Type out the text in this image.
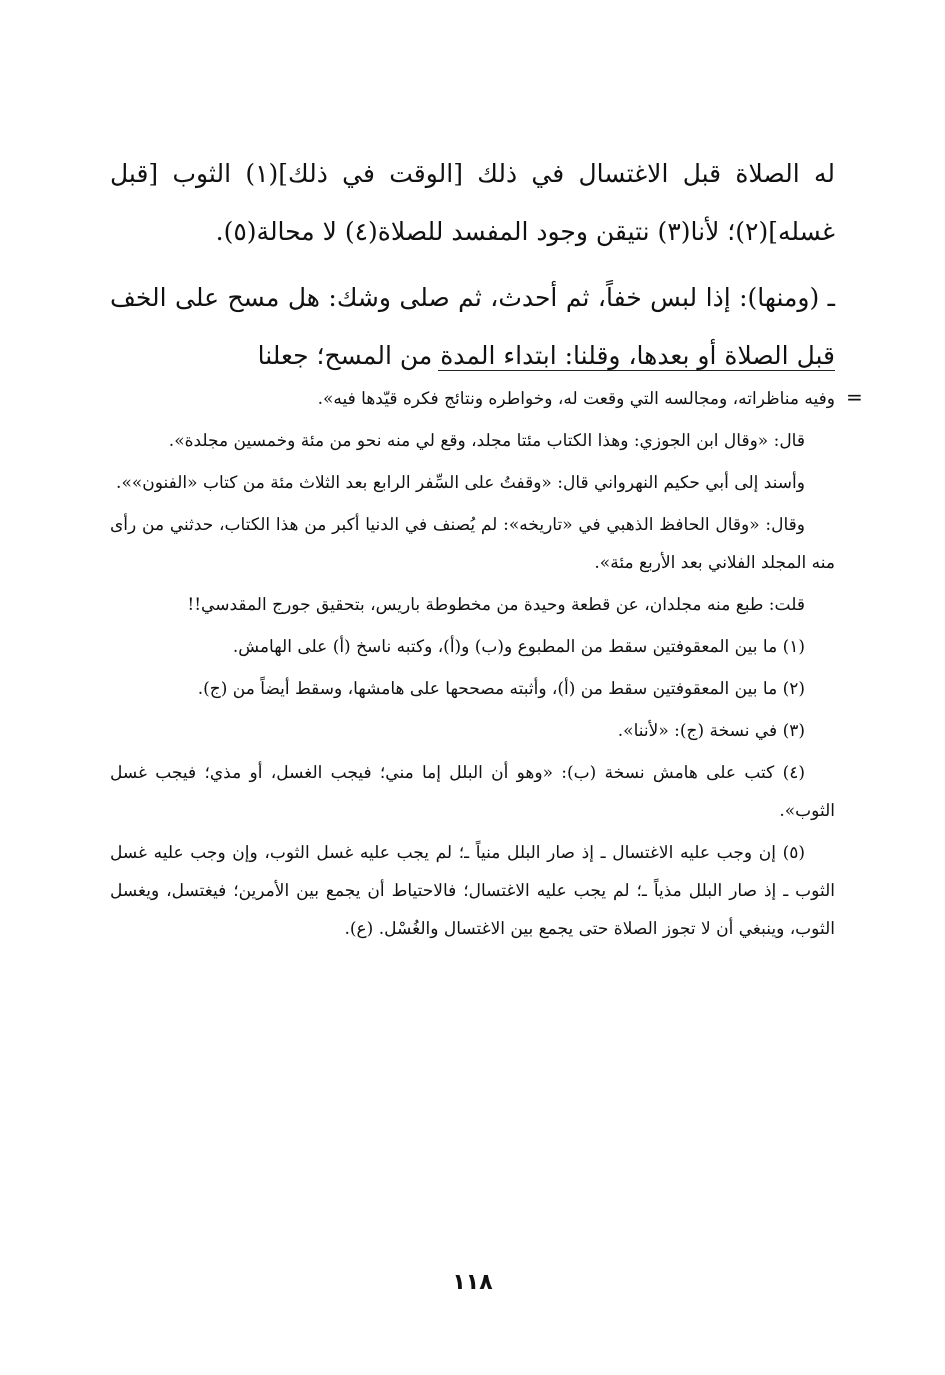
له الصلاة قبل الاغتسال في ذلك [الوقت في ذلك](١) الثوب [قبل غسله](٢)؛ لأنا(٣) نتيقن وجود المفسد للصلاة(٤) لا محالة(٥).

ـ (ومنها): إذا لبس خفاً، ثم أحدث، ثم صلى وشك: هل مسح على الخف قبل الصلاة أو بعدها، وقلنا: ابتداء المدة من المسح؛ جعلنا

=

وفيه مناظراته، ومجالسه التي وقعت له، وخواطره ونتائج فكره قيّدها فيه».

قال: «وقال ابن الجوزي: وهذا الكتاب مئتا مجلد، وقع لي منه نحو من مئة وخمسين مجلدة».

وأسند إلى أبي حكيم النهرواني قال: «وقفتُ على السِّفر الرابع بعد الثلاث مئة من كتاب «الفنون»».

وقال: «وقال الحافظ الذهبي في «تاريخه»: لم يُصنف في الدنيا أكبر من هذا الكتاب، حدثني من رأى منه المجلد الفلاني بعد الأربع مئة».

قلت: طبع منه مجلدان، عن قطعة وحيدة من مخطوطة باريس، بتحقيق جورج المقدسي!!

(١) ما بين المعقوفتين سقط من المطبوع و(ب) و(أ)، وكتبه ناسخ (أ) على الهامش.

(٢) ما بين المعقوفتين سقط من (أ)، وأثبته مصححها على هامشها، وسقط أيضاً من (ج).

(٣) في نسخة (ج): «لأننا».

(٤) كتب على هامش نسخة (ب): «وهو أن البلل إما مني؛ فيجب الغسل، أو مذي؛ فيجب غسل الثوب».

(٥) إن وجب عليه الاغتسال ـ إذ صار البلل منياً ـ؛ لم يجب عليه غسل الثوب، وإن وجب عليه غسل الثوب ـ إذ صار البلل مذياً ـ؛ لم يجب عليه الاغتسال؛ فالاحتياط أن يجمع بين الأمرين؛ فيغتسل، ويغسل الثوب، وينبغي أن لا تجوز الصلاة حتى يجمع بين الاغتسال والغُسْل. (ع).

١١٨
